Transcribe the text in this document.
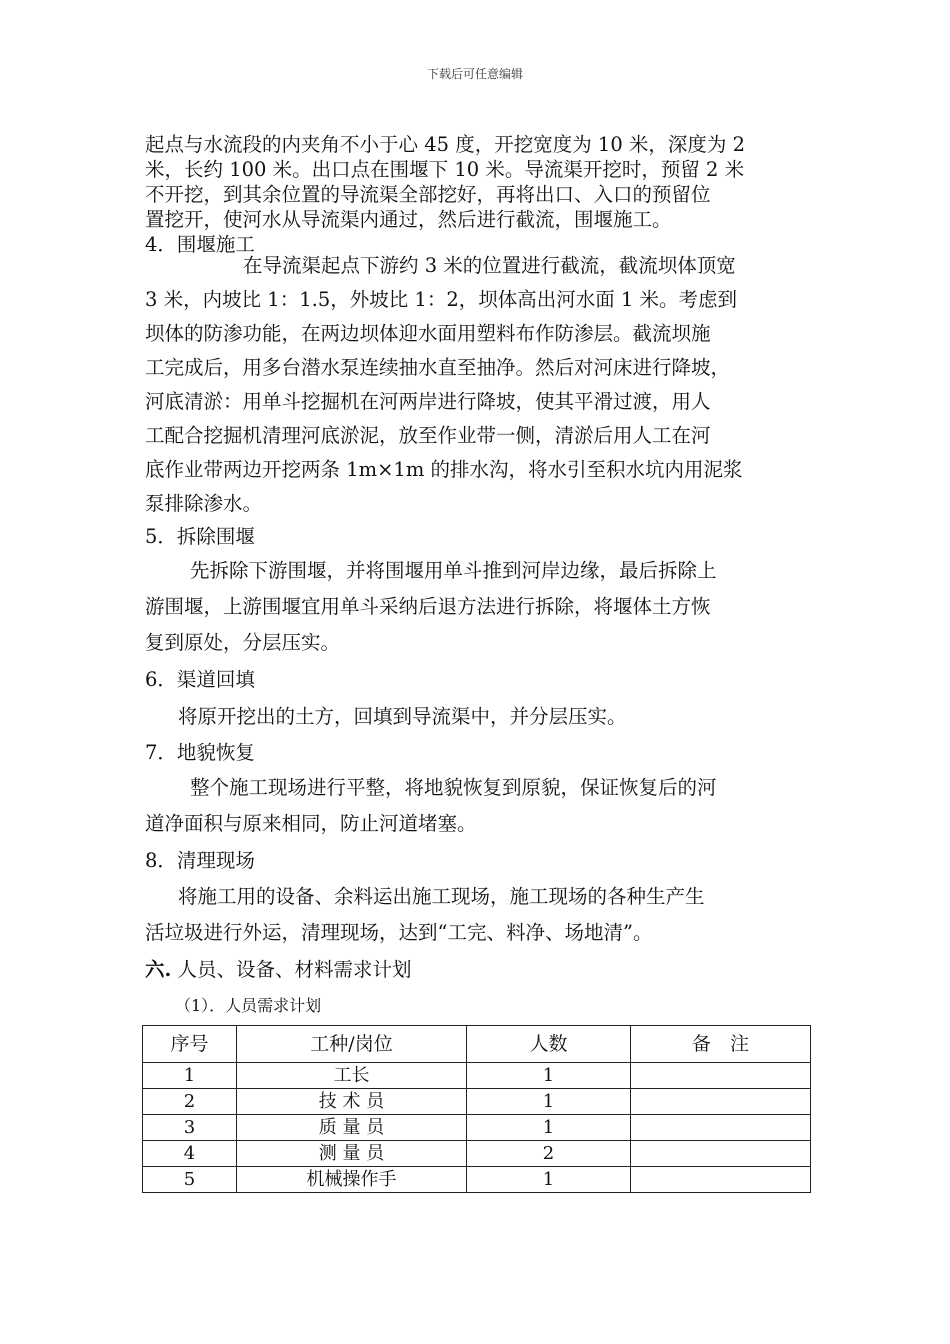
下载后可任意编辑
起点与水流段的内夹角不小于心 45 度，开挖宽度为 10 米，深度为 2
米，长约 100 米。出口点在围堰下 10 米。导流渠开挖时，预留 2 米
不开挖，到其余位置的导流渠全部挖好，再将出口、入口的预留位
置挖开，使河水从导流渠内通过，然后进行截流，围堰施工。
4．围堰施工
在导流渠起点下游约 3 米的位置进行截流，截流坝体顶宽
3 米，内坡比 1：1.5，外坡比 1：2，坝体高出河水面 1 米。考虑到
坝体的防渗功能，在两边坝体迎水面用塑料布作防渗层。截流坝施
工完成后，用多台潜水泵连续抽水直至抽净。然后对河床进行降坡，
河底清淤：用单斗挖掘机在河两岸进行降坡，使其平滑过渡，用人
工配合挖掘机清理河底淤泥，放至作业带一侧，清淤后用人工在河
底作业带两边开挖两条 1m×1m 的排水沟，将水引至积水坑内用泥浆
泵排除渗水。
5．拆除围堰
先拆除下游围堰，并将围堰用单斗推到河岸边缘，最后拆除上
游围堰，上游围堰宜用单斗采纳后退方法进行拆除，将堰体土方恢
复到原处，分层压实。
6．渠道回填
将原开挖出的土方，回填到导流渠中，并分层压实。
7．地貌恢复
整个施工现场进行平整，将地貌恢复到原貌，保证恢复后的河
道净面积与原来相同，防止河道堵塞。
8．清理现场
将施工用的设备、余料运出施工现场，施工现场的各种生产生
活垃圾进行外运，清理现场，达到“工完、料净、场地清”。
六. 人员、设备、材料需求计划
（1）．人员需求计划
序号	工种/岗位	人数	备　注
1	工长	1	
2	技 术 员	1	
3	质 量 员	1	
4	测 量 员	2	
5	机械操作手	1	
